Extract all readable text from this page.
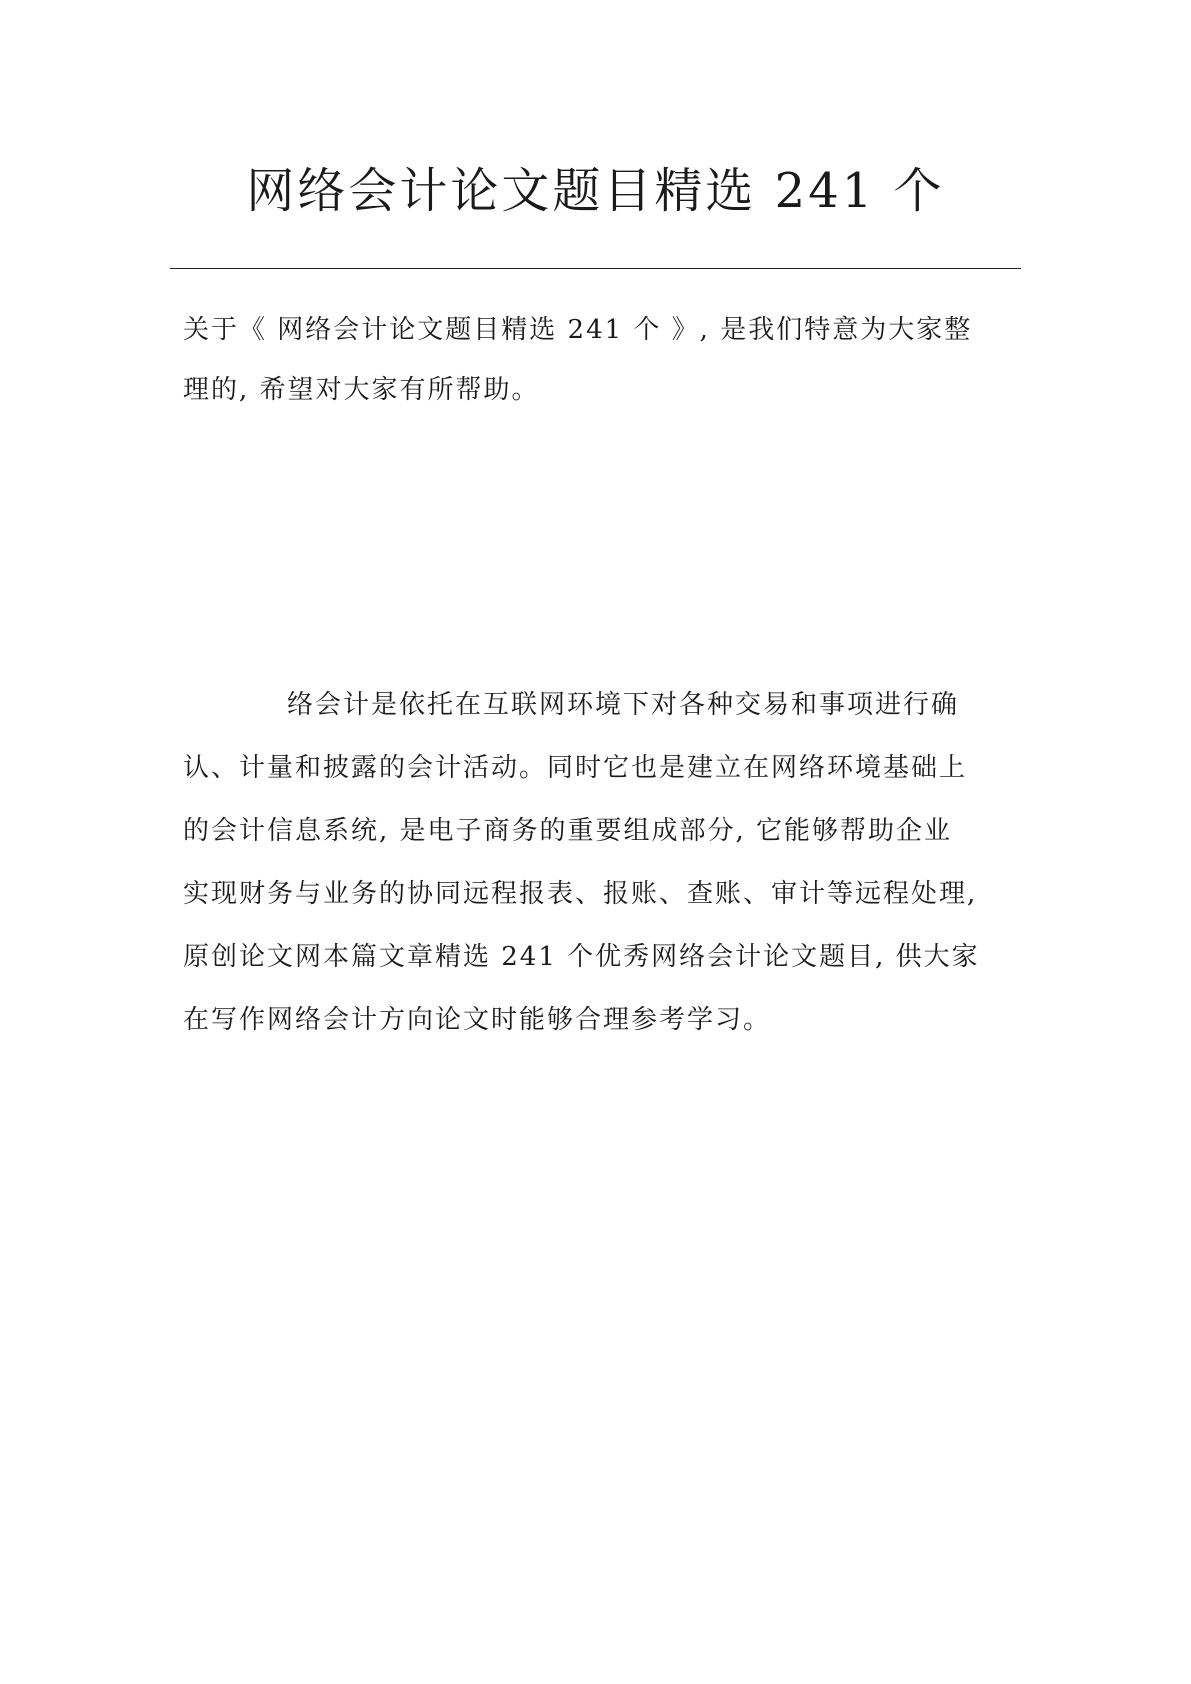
网络会计论文题目精选 241 个

关于《 网络会计论文题目精选 241 个 》, 是我们特意为大家整
理的, 希望对大家有所帮助。

络会计是依托在互联网环境下对各种交易和事项进行确
认、计量和披露的会计活动。同时它也是建立在网络环境基础上
的会计信息系统, 是电子商务的重要组成部分, 它能够帮助企业
实现财务与业务的协同远程报表、报账、查账、审计等远程处理,
原创论文网本篇文章精选 241 个优秀网络会计论文题目, 供大家
在写作网络会计方向论文时能够合理参考学习。
